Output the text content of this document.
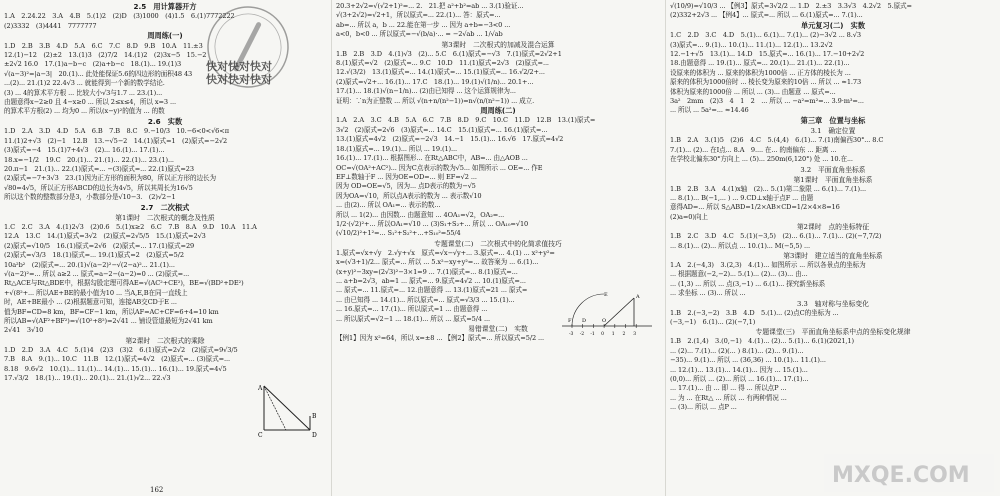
2.5　用计算器开方
1.A　2.24.22　3.A　4.B　5.(1)2　(2)D　(3)1000　(4)1.5　6.(1)7772222
(2)3332　(3)4441　7777777
周周练(一)
1.D　2.B　3.B　4.D　5.A　6.C　7.C　8.D　9.B　10.A　11.±3
12.(1)−12　(2)±2　13.(1)3　(2)7/2　14.(1)2　(2)3x−5　15.−2
±2√2 16.0　17.(1)a−b−c　(2)a+b−c　18.(1)... 19.(1)3
√(a−3)²=|a−3|　20.(1)... 此处能保证5.6的四边形的面积48 43
...(2)... 21.(1)2 22.4√3 ... 就能得到一个新的数学结论.
(3) ... 4的算术平方根 ... 比较大小√3与1.7 ... 23.(1)...
由题意得x−2≥0 且 4−x≥0 ... 所以 2≤x≤4，所以 x=3 ...
的算术平方根(2) ... 均为0 ... 所以(x−y)²的值为 ... 的数
2.6　实数
1.D　2.A　3.D　4.D　5.A　6.B　7.B　8.C　9.−10/3　10.−6<0<√6<π
11.(1)2+√3　(2)−1　12.B　13.−√5−2　14.(1)原式=1　(2)原式=−2√2
(3)原式=−4　15.(1)7+4√3　(2)... 16.(1)... 17.(1)...
18.x=−1/2　19.C　20.(1)... 21.(1)... 22.(1)... 23.(1)...
20.π−1　21.(1)... 22.(1)原式=... −(3)原式=... 22.(1)原式=23
(2)原式=−7+3√3　23.(1)因为正方形的面积为80，所以正方形的边长为
√80=4√5，所以正方形ABCD的边长为4√5，所以其周长为16√5
所以这个数的整数部分是3，小数部分是√10−3.　(2)√2−1
2.7　二次根式
第1课时　二次根式的概念及性质
1.C　2.C　3.A　4.(1)2√3　(2)0.6　5.(1)x≥2　6.C　7.B　8.A　9.D　10.A　11.A
12.A　13.C　14.(1)原式=3√2　(2)原式=2√5/5　15.(1)原式=2√3
(2)原式=√10/5　16.(1)原式=2√6　(2)原式=... 17.(1)原式=29
(2)原式=√3/3　18.(1)原式=... 19.(1)原式=2　(2)原式=5/2
10a²b²　(2)原式=... 20.(1)√(a−2)²−√(2−a)²... 21.(1)...
√(a−2)²=... 所以 a≥2 ... 原式=a−2−(a−2)=0 ... (2)原式=...
Rt△ACE与Rt△BDE中，根据勾股定理可得AE=√(AC²+CE²)，BE=√(BD²+DE²)
+√(8²+... 所以AE+BE的最小值为10 ... 当A,E,B在同一直线上
时，AE+BE最小 ... (2)根据题意可知，连接AB交CD于E ...
值为BF=CD=8 km，BF=CF−1 km，所以AF=AC+CF=6+4=10 km
所以AB=√(AF²+BF²)=√(10²+8²)=2√41 ... 铺设管道最短为2√41 km
2√41　3√10
第2课时　二次根式的乘除
1.D　2.D　3.A　4.C　5.(1)4　(2)3　(3)2　6.(1)原式=2√2　(2)原式=9√3/5
7.B　8.A　9.(1)... 10.C　11.B　12.(1)原式=4√2　(2)原式=... (3)原式=...
8.18　9.6√2　10.(1)... 11.(1)... 14.(1)... 15.(1)... 16.(1)... 19.原式=4√5
17.√3/2　18.(1)... 19.(1)... 20.(1)... 21.(1)√2... 22.√3
20.3+2√2=√(√2+1)²=... 2.　21.把 a²+b²=ab ... 3.(1)验证...
√(3+2√2)=√2+1，所以原式=... 22.(1)... 答：原式=...
ab=... 所以 a，b ... 22.能在第一步 ... 因为 a+b=−3<0 ...
a<0，b<0 ... 所以原式=−√(b/a)·... = −2√ab ... 1/√ab
第3课时　二次根式的加减及混合运算
1.B　2.B　3.D　4.(1)√3　(2)... 5.C　6.(1)原式=−√3　7.(1)原式=2√2+1
8.(1)原式=√2　(2)原式=... 9.C　10.D　11.(1)原式=2√3　(2)原式=...
12.√(3/2)　13.(1)原式=... 14.(1)原式=... 15.(1)原式=... 16.√2/2+...
(2)原式=√2+... 16.(1)... 17.C　18.(1)... 19.(1)√(1/n)... 20.1+...
17.(1)... 18.(1)√(n−1/n)... (2)由已知得 ... 这个运算规律为...
证明：∵n为正整数 ... 所以 √(n+n/(n²−1))=n√(n/(n²−1)) ... 成立.
周周练(二)
1.A　2.A　3.C　4.B　5.A　6.C　7.B　8.D　9.C　10.C　11.D　12.B　13.(1)原式=
3√2　(2)原式=2√6　(3)原式=... 14.C　15.(1)原式=... 16.(1)原式=...
13.(1)原式=4√2　(2)原式=−2√3　14.−1　15.(1)... 16.√6　17.原式=4√2
18.(1)原式=... 19.(1)... 所以 ... 19.(1)...
16.(1)... 17.(1)... 根据图形... 在Rt△ABC中，AB=... 由△AOB ...
OC=√(OA²+AC²)... 因为C点表示的数为√5... 如图所示 ... OE=... 作E
EF⊥数轴于F ... 因为OE=OD=... 则 EF=√2 ...
因为 OD=OE=√5，因为... 点D表示的数为−√5
因为OA=√10，所以点A表示的数为 ... 表示数√10
... 由(2)... 所以 OA₁=... 表示的数...
所以 ... 1(2)... 由因数... 由题意知 ... 4OA₁=√2，OA₂=...
1/2·(√2)²+... 所以OA₁=√10 ... (3)S₁+S₂+... 所以 ... OA₁₀=√10
(√10/2)²+1²=... S₁²+S₂²+...+S₁₀²=55/4
专题课堂(二)　二次根式中的化简求值技巧
1.原式=√x+√y　2.√y+√x　原式=√x−√y+... 3.原式=... 4.(1) ... x²+y²=
x=(√3+1)/2... 原式=... 所以 ... 5.x²−xy+y²=... 故答案为 ... 6.(1)...
(x+y)²−3xy=(2√3)²−3×1=9 ... 7.(1)原式=... 8.(1)原式=...
... a+b=2√3，ab=1 ... 原式=... 9.原式=4√2 ... 10.(1)原式=...
... 原式=... 11.原式=... 12.由题意得 ... 13.(1)原式=21 ... 原式=
... 由已知得 ... 14.(1)... 所以原式=... 原式=√3/3 ... 15.(1)...
... 16.原式=... 17.(1)... 所以原式=1 ... 由题意得 ...
... 所以原式=√2−1 ... 18.(1)... 所以 ... 原式=5/4 ...
易错课堂(二)　实数
【例1】因为 x²=64，所以 x=±8 ... 【例2】原式=... 所以原式=5/2 ...
√(10/9)=√10/3 ... 【例3】原式=3√2/2 ... 1.D　2.±3　3.3√3　4.2√2　5.原式=
(2)332+2√3 ... 【例4】... 原式=... 所以 ... 6.(1)原式=... 7.(1)...
单元复习(二)　实数
1.C　2.D　3.C　4.D　5.(1)... 6.(1)... 7.(1)... (2)−3√2 ... 8.√3
(3)原式=... 9.(1)... 10.(1)... 11.(1)... 12.(1)... 13.2√2
12.−1+√5　13.(1)... 14.D　15.原式=... 16.(1)... 17.−10+2√2
18.由题意得 ... 19.(1)... 原式=... 20.(1)... 21.(1)... 22.(1)...
设原来的体积为 ... 原来的体积为1000倍 ... 正方体的棱长为 ...
原来的体积为1000倍时 ... 棱长变为原来的10倍 ... 所以 ... ≈1.73
体积为原来的1000倍 ... 所以 ... (3)... 由题意 ... 原式=...
3a²　2mm　(2)3　4　1　2　... 所以 ... −a²=m²=... 3.9·m³=...
... 所以 ... 5a²=... ≈14.46
第三章　位置与坐标
3.1　确定位置
1.B　2.A　3.(1)5　(2)6　4.C　5.(4,4)　6.(1)... 7.(1)南偏西30°... 8.C
7.(1)... (2)... 在Ⅰ点... 8.A　9.... 在... 的南偏东 ... 距离 ...
在学校北偏东30°方向上 ... (5)... 250m(6,120°) 处 ... 10.在...
3.2　平面直角坐标系
第1课时　平面直角坐标系
1.B　2.B　3.A　4.(1)x轴　(2)... 5.(1)第二象限 ... 6.(1)... 7.(1)...
... 8.(1)... B(−1,... ) ... 9.CD⊥x轴于点F ... 由题
意得AD=... 所以 S△ABD=1/2×AB×CD=1/2×4×8=16
(2)a=0)向上
第2课时　点的坐标特征
1.B　2.C　3.D　4.C　5.(1)(−3,5)　(2)... 6.(1)... 7.(1)... (2)(−7,7/2)
... 8.(1)... (2)... 所以点 ... 10.(1)... M(−5,5) ...
第3课时　建立适当的直角坐标系
1.A　2.(−4,3)　3.(2,3)　4.(1)... 如图所示 ... 所以各景点的坐标为
... 根据题意(−2,−2)... 5.(1)... (2)... (3)... 由...
... (1,3) ... 所以 ... 点(3,−1) ... 6.(1)... 探究新坐标系
... 求坐标 ... (3)... 所以 ...
3.3　轴对称与坐标变化
1.B　2.(−3,−2)　3.B　4.D　5.(1)... (2)点C的坐标为 ...
(−3,−1)　6.(1)... (2)(−7,1)
专题课堂(三)　平面直角坐标系中点的坐标变化规律
1.B　2.(1,4)　3.(0,−1)　4.(1)... (2)... 5.(1)... 6.(1)(2021,1)
... (2)... 7.(1)... (2)(... ) 8.(1)... (2)... 9.(1)...
−35)... 9.(1)... 所以 ... (36,36) ... 10.(1)... 11.(1)...
... 12.(1)... 13.(1)... 14.(1)... 因为 ... 15.(1)...
(0,0)... 所以 ... (2)... 所以 ... 16.(1)... 17.(1)...
... 17.(1)... 由 ... 即 ... 得 ... 所以点P ...
... 为 ... 在Rt△ ... 所以 ... 有两种情况 ...
... (3)... 所以 ... 点P ...
快对快对快对
快对快对快对
A
C	D
B
-3 -2 -1 0 1 2 3
F D	O
E	A
162
MXQE.COM
